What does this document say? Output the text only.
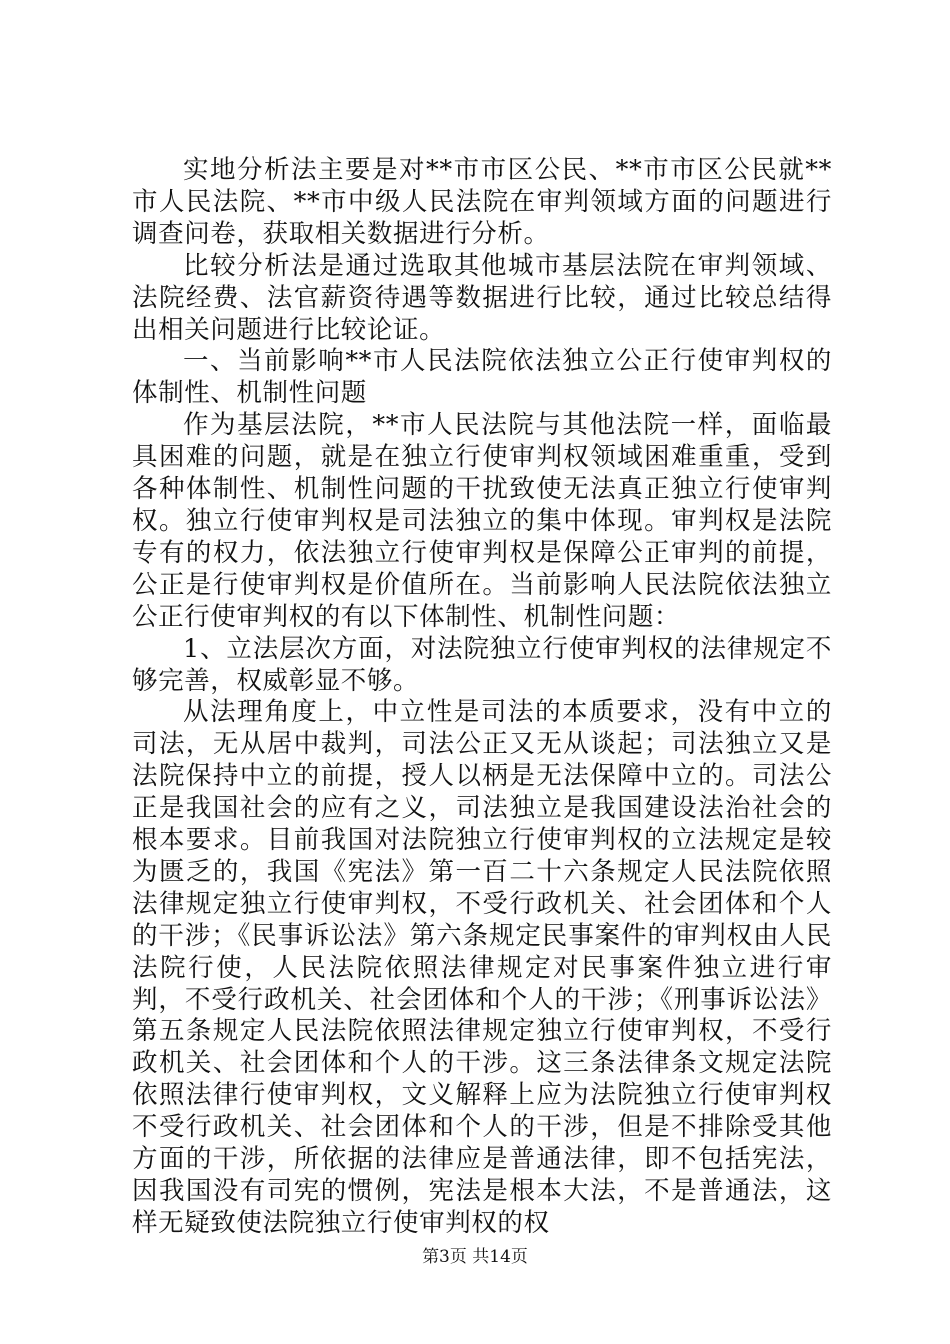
实地分析法主要是对**市市区公民、**市市区公民就**市人民法院、**市中级人民法院在审判领域方面的问题进行调查问卷，获取相关数据进行分析。

比较分析法是通过选取其他城市基层法院在审判领域、法院经费、法官薪资待遇等数据进行比较，通过比较总结得出相关问题进行比较论证。

一、当前影响**市人民法院依法独立公正行使审判权的体制性、机制性问题

作为基层法院，**市人民法院与其他法院一样，面临最具困难的问题，就是在独立行使审判权领域困难重重，受到各种体制性、机制性问题的干扰致使无法真正独立行使审判权。独立行使审判权是司法独立的集中体现。审判权是法院专有的权力，依法独立行使审判权是保障公正审判的前提，公正是行使审判权是价值所在。当前影响人民法院依法独立公正行使审判权的有以下体制性、机制性问题：

1、立法层次方面，对法院独立行使审判权的法律规定不够完善，权威彰显不够。

从法理角度上，中立性是司法的本质要求，没有中立的司法，无从居中裁判，司法公正又无从谈起；司法独立又是法院保持中立的前提，授人以柄是无法保障中立的。司法公正是我国社会的应有之义，司法独立是我国建设法治社会的根本要求。目前我国对法院独立行使审判权的立法规定是较为匮乏的，我国《宪法》第一百二十六条规定人民法院依照法律规定独立行使审判权，不受行政机关、社会团体和个人的干涉；《民事诉讼法》第六条规定民事案件的审判权由人民法院行使，人民法院依照法律规定对民事案件独立进行审判，不受行政机关、社会团体和个人的干涉；《刑事诉讼法》第五条规定人民法院依照法律规定独立行使审判权，不受行政机关、社会团体和个人的干涉。这三条法律条文规定法院依照法律行使审判权，文义解释上应为法院独立行使审判权不受行政机关、社会团体和个人的干涉，但是不排除受其他方面的干涉，所依据的法律应是普通法律，即不包括宪法，因我国没有司宪的惯例，宪法是根本大法，不是普通法，这样无疑致使法院独立行使审判权的权

第3页 共14页
